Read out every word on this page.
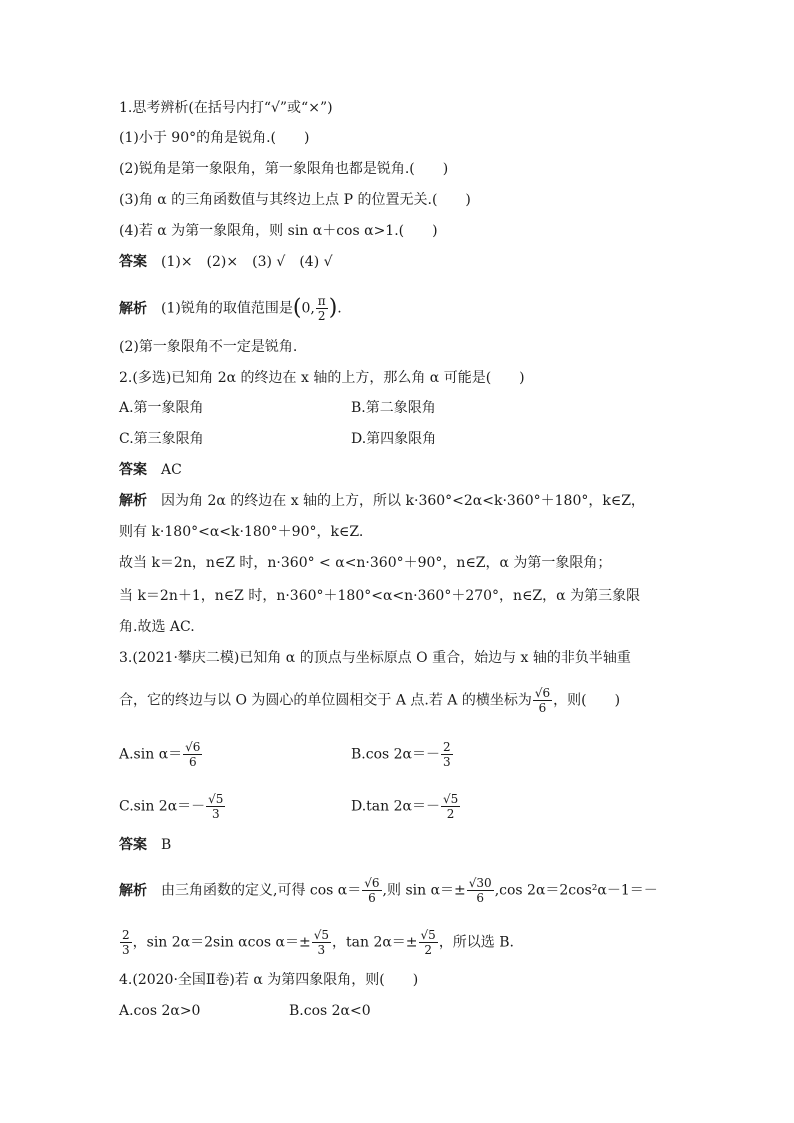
1.思考辨析(在括号内打“√”或“×”)
(1)小于 90°的角是锐角.(　　)
(2)锐角是第一象限角，第一象限角也都是锐角.(　　)
(3)角 α 的三角函数值与其终边上点 P 的位置无关.(　　)
(4)若 α 为第一象限角，则 sin α＋cos α>1.(　　)
答案 (1)×　(2)×　(3) √　(4) √
解析 (1)锐角的取值范围是(0, $\frac{\pi}{2}$ ).
(2)第一象限角不一定是锐角.
2.(多选)已知角 2α 的终边在 x 轴的上方，那么角 α 可能是(　　)
A.第一象限角	B.第二象限角
C.第三象限角	D.第四象限角
答案 AC
解析 因为角 2α 的终边在 x 轴的上方，所以 k·360°<2α<k·360°＋180°，k∈Z，
则有 k·180°<α<k·180°＋90°，k∈Z.
故当 k＝2n，n∈Z 时，n·360° < α<n·360°＋90°，n∈Z，α 为第一象限角；
当 k＝2n＋1，n∈Z 时，n·360°＋180°<α<n·360°＋270°，n∈Z，α 为第三象限
角.故选 AC.
3.(2021·攀庆二模)已知角 α 的顶点与坐标原点 O 重合，始边与 x 轴的非负半轴重
合，它的终边与以 O 为圆心的单位圆相交于 A 点.若 A 的横坐标为 $\frac{√6}{6}$ ，则(　　)
A.sin $\alpha= \frac{√6}{6}$	B.cos $2\alpha=- \frac{2}{3}$
C.sin $2\alpha=- \frac{√5}{3}$	D.tan $2\alpha=- \frac{√5}{2}$
答案 B
解析 由三角函数的定义,可得 $\cos \alpha= \frac{√6}{6}$ ,则 $\sin \alpha=\pm \frac{√30}{6} ,\cos$ 2α＝2cos²α－1＝－
$\frac{2}{3}$ ，sin 2α＝2sin αcos $\alpha=\pm \frac{√5}{3}$ ，$\tan 2\alpha=\pm \frac{√5}{2}$ ，所以选 B.
4.(2020·全国Ⅱ卷)若 α 为第四象限角，则(　　)
A.cos 2α>0	B.cos 2α<0
